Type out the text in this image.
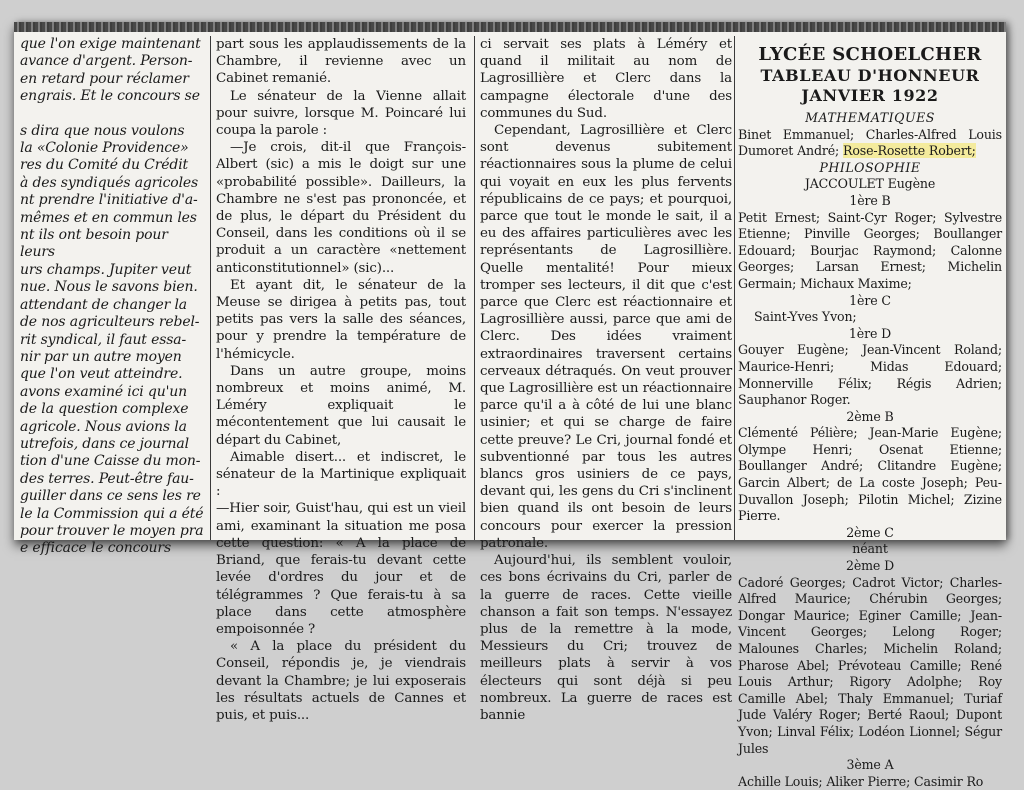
que l'on exige maintenant

avance d'argent. Person-

en retard pour réclamer

engrais. Et le concours se

s dira que nous voulons

la «Colonie Providence»

res du Comité du Crédit

à des syndiqués agricoles

nt prendre l'initiative d'a-

mêmes et en commun les

nt ils ont besoin pour leurs

urs champs. Jupiter veut

nue. Nous le savons bien.

attendant de changer la

de nos agriculteurs rebel-

rit syndical, il faut essa-

nir par un autre moyen

que l'on veut atteindre.

avons examiné ici qu'un

de la question complexe

agricole. Nous avions la

utrefois, dans ce journal

tion d'une Caisse du mon-

des terres. Peut-être fau-

guiller dans ce sens les re

le la Commission qui a été

pour trouver le moyen pra

e efficace le concours

part sous les applaudissements de la Chambre, il revienne avec un Cabinet remanié.

Le sénateur de la Vienne allait pour suivre, lorsque M. Poincaré lui coupa la parole :

—Je crois, dit-il que François-Albert (sic) a mis le doigt sur une «probabilité possible». Dailleurs, la Chambre ne s'est pas prononcée, et de plus, le départ du Président du Conseil, dans les conditions où il se produit a un caractère «nettement anticonstitutionnel» (sic)...

Et ayant dit, le sénateur de la Meuse se dirigea à petits pas, tout petits pas vers la salle des séances, pour y prendre la température de l'hémicycle.

Dans un autre groupe, moins nombreux et moins animé, M. Léméry expliquait le mécontentement que lui causait le départ du Cabinet,

Aimable disert... et indiscret, le sénateur de la Martinique expliquait :

—Hier soir, Guist'hau, qui est un vieil ami, examinant la situation me posa cette question: « A la place de Briand, que ferais-tu devant cette levée d'ordres du jour et de télégrammes ? Que ferais-tu à sa place dans cette atmosphère empoisonnée ?

« A la place du président du Conseil, répondis je, je viendrais devant la Chambre; je lui exposerais les résultats actuels de Cannes et puis, et puis...

ci servait ses plats à Léméry et quand il militait au nom de Lagrosillière et Clerc dans la campagne électorale d'une des communes du Sud.

Cependant, Lagrosillière et Clerc sont devenus subitement réactionnaires sous la plume de celui qui voyait en eux les plus fervents républicains de ce pays; et pourquoi, parce que tout le monde le sait, il a eu des affaires particulières avec les représentants de Lagrosillière. Quelle mentalité! Pour mieux tromper ses lecteurs, il dit que c'est parce que Clerc est réactionnaire et Lagrosillière aussi, parce que ami de Clerc. Des idées vraiment extraordinaires traversent certains cerveaux détraqués. On veut prouver que Lagrosillière est un réactionnaire parce qu'il a à côté de lui une blanc usinier; et qui se charge de faire cette preuve? Le Cri, journal fondé et subventionné par tous les autres blancs gros usiniers de ce pays, devant qui, les gens du Cri s'inclinent bien quand ils ont besoin de leurs concours pour exercer la pression patronale.

Aujourd'hui, ils semblent vouloir, ces bons écrivains du Cri, parler de la guerre de races. Cette vieille chanson a fait son temps. N'essayez plus de la remettre à la mode, Messieurs du Cri; trouvez de meilleurs plats à servir à vos électeurs qui sont déjà si peu nombreux. La guerre de races est bannie

LYCÉE SCHOELCHER
TABLEAU D'HONNEUR
JANVIER 1922
MATHEMATIQUES

Binet Emmanuel; Charles-Alfred Louis Dumoret André; Rose-Rosette Robert;

PHILOSOPHIE
JACCOULET Eugène
1ère B

Petit Ernest; Saint-Cyr Roger; Sylvestre Etienne; Pinville Georges; Boullanger Edouard; Bourjac Raymond; Calonne Georges; Larsan Ernest; Michelin Germain; Michaux Maxime;

1ère C

Saint-Yves Yvon;

1ère D

Gouyer Eugène; Jean-Vincent Roland; Maurice-Henri; Midas Edouard; Monnerville Félix; Régis Adrien; Sauphanor Roger.

2ème B

Clémenté Pélière; Jean-Marie Eugène; Olympe Henri; Osenat Etienne; Boullanger André; Clitandre Eugène; Garcin Albert; de La coste Joseph; Peu-Duvallon Joseph; Pilotin Michel; Zizine Pierre.

2ème C
néant
2ème D

Cadoré Georges; Cadrot Victor; Charles-Alfred Maurice; Chérubin Georges; Dongar Maurice; Eginer Camille; Jean-Vincent Georges; Lelong Roger; Malounes Charles; Michelin Roland; Pharose Abel; Prévoteau Camille; René Louis Arthur; Rigory Adolphe; Roy Camille Abel; Thaly Emmanuel; Turiaf Jude Valéry Roger; Berté Raoul; Dupont Yvon; Linval Félix; Lodéon Lionnel; Ségur Jules

3ème A

Achille Louis; Aliker Pierre; Casimir Ro
